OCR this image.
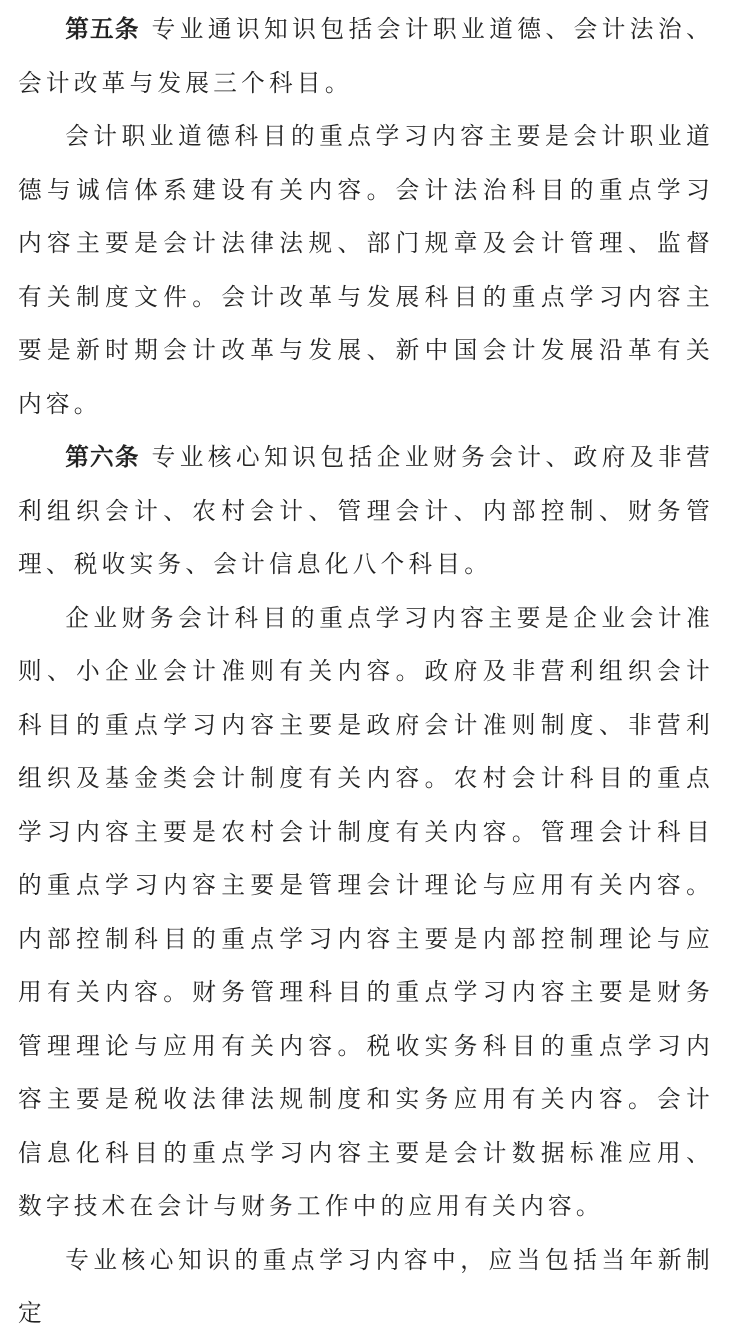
第五条 专业通识知识包括会计职业道德、会计法治、会计改革与发展三个科目。

会计职业道德科目的重点学习内容主要是会计职业道德与诚信体系建设有关内容。会计法治科目的重点学习内容主要是会计法律法规、部门规章及会计管理、监督有关制度文件。会计改革与发展科目的重点学习内容主要是新时期会计改革与发展、新中国会计发展沿革有关内容。

第六条 专业核心知识包括企业财务会计、政府及非营利组织会计、农村会计、管理会计、内部控制、财务管理、税收实务、会计信息化八个科目。

企业财务会计科目的重点学习内容主要是企业会计准则、小企业会计准则有关内容。政府及非营利组织会计科目的重点学习内容主要是政府会计准则制度、非营利组织及基金类会计制度有关内容。农村会计科目的重点学习内容主要是农村会计制度有关内容。管理会计科目的重点学习内容主要是管理会计理论与应用有关内容。内部控制科目的重点学习内容主要是内部控制理论与应用有关内容。财务管理科目的重点学习内容主要是财务管理理论与应用有关内容。税收实务科目的重点学习内容主要是税收法律法规制度和实务应用有关内容。会计信息化科目的重点学习内容主要是会计数据标准应用、数字技术在会计与财务工作中的应用有关内容。

专业核心知识的重点学习内容中，应当包括当年新制定
